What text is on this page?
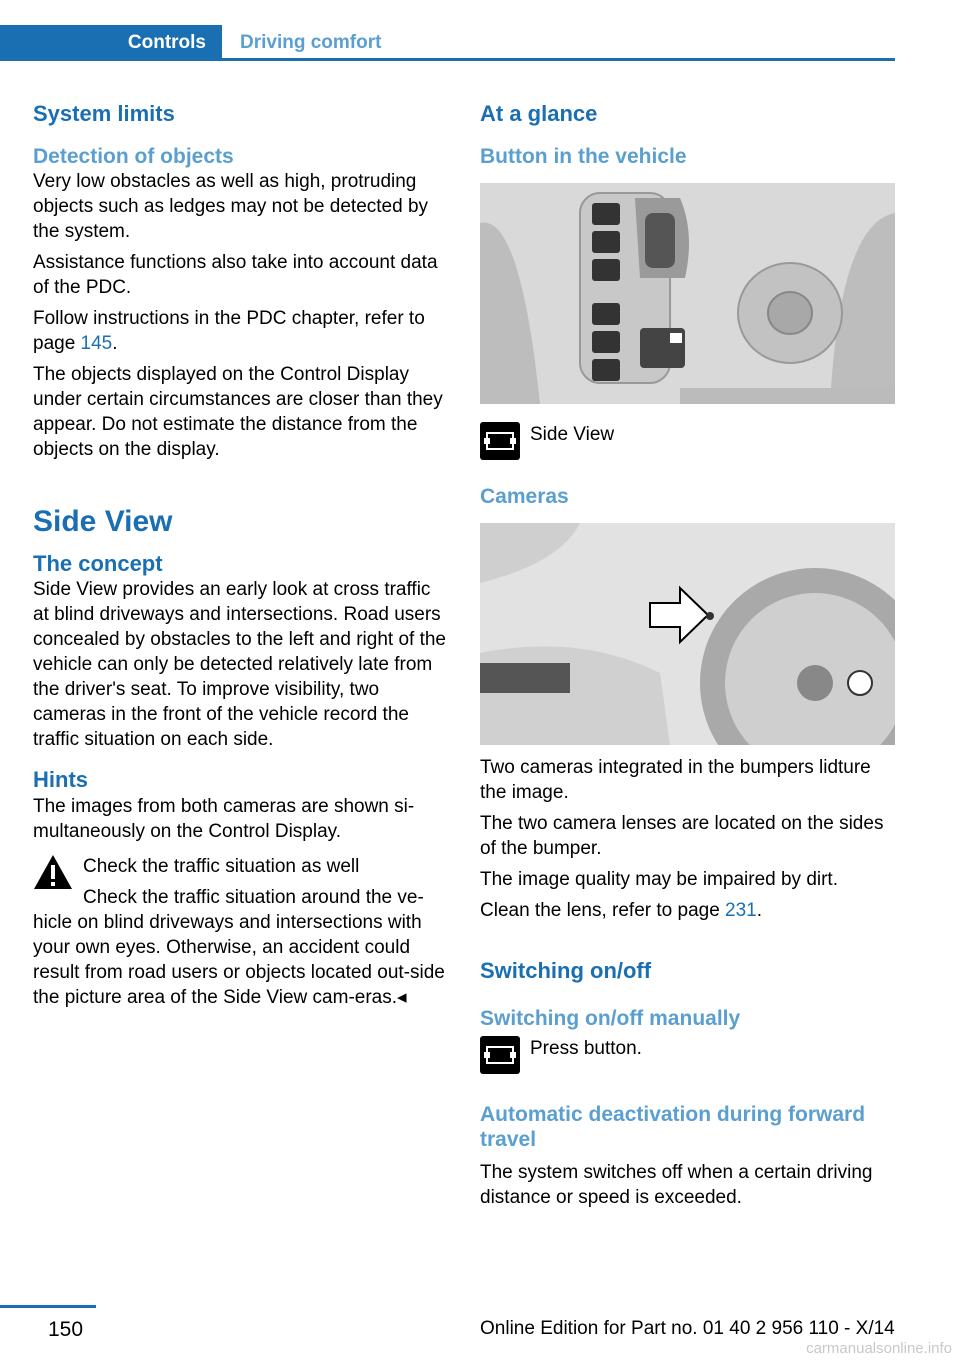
Controls	Driving comfort
System limits
Detection of objects

Very low obstacles as well as high, protruding objects such as ledges may not be detected by the system.

Assistance functions also take into account data of the PDC.

Follow instructions in the PDC chapter, refer to page 145.

The objects displayed on the Control Display under certain circumstances are closer than they appear. Do not estimate the distance from the objects on the display.

Side View
The concept

Side View provides an early look at cross traffic at blind driveways and intersections. Road users concealed by obstacles to the left and right of the vehicle can only be detected relatively late from the driver's seat. To improve visibility, two cameras in the front of the vehicle record the traffic situation on each side.

Hints

The images from both cameras are shown simultaneously on the Control Display.

Check the traffic situation as well

Check the traffic situation around the ve-

hicle on blind driveways and intersections with your own eyes. Otherwise, an accident could result from road users or objects located out-side the picture area of the Side View cam-eras.◂

At a glance
Button in the vehicle

Side View

Cameras

Two cameras integrated in the bumpers lidture the image.

The two camera lenses are located on the sides of the bumper.

The image quality may be impaired by dirt.

Clean the lens, refer to page 231.

Switching on/off
Switching on/off manually

Press button.

Automatic deactivation during forward travel

The system switches off when a certain driving distance or speed is exceeded.

150	Online Edition for Part no. 01 40 2 956 110 - X/14
carmanualsonline.info
